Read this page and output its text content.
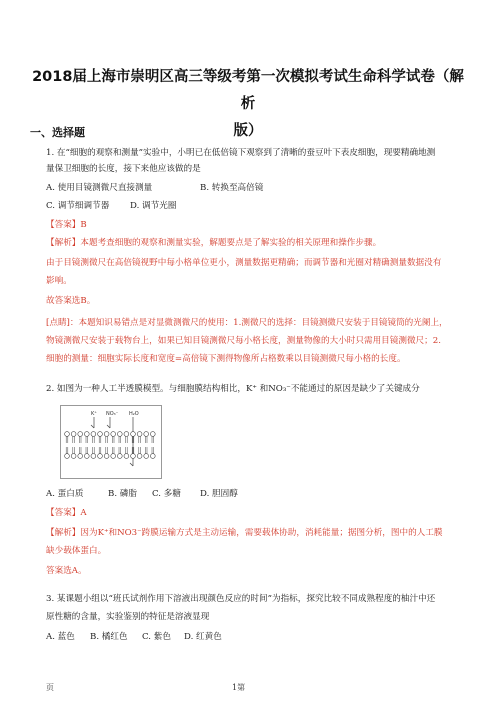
2018届上海市崇明区高三等级考第一次模拟考试生命科学试卷（解析
版）
一、选择题
1. 在“细胞的观察和测量”实验中，小明已在低倍镜下观察到了清晰的蚕豆叶下表皮细胞，现要精确地测
量保卫细胞的长度，接下来他应该做的是
A. 使用目镜测微尺直接测量	B. 转换至高倍镜
C. 调节细调节器 D. 调节光圈
【答案】B
【解析】本题考查细胞的观察和测量实验，解题要点是了解实验的相关原理和操作步骤。
由于目镜测微尺在高倍镜视野中每小格单位更小，测量数据更精确；而调节器和光圈对精确测量数据没有
影响。
故答案选B。
[点睛]：本题知识易错点是对显微测微尺的使用：1.测微尺的选择：目镜测微尺安装于目镜镜筒的光阑上，
物镜测微尺安装于载物台上，如果已知目镜测微尺每小格长度，测量物像的大小时只需用目镜测微尺；2.
细胞的测量：细胞实际长度和宽度=高倍镜下测得物像所占格数乘以目镜测微尺每小格的长度。
2. 如图为一种人工半透膜模型。与细胞膜结构相比，K⁺ 和NO₃⁻不能通过的原因是缺少了关键成分
K⁺ NO₃⁻ H₂O
A. 蛋白质	B. 磷脂 C. 多糖 D. 胆固醇
【答案】A
【解析】因为K⁺和NO3⁻跨膜运输方式是主动运输，需要载体协助，消耗能量；据图分析，图中的人工膜
缺少载体蛋白。
答案选A。
3. 某课题小组以“班氏试剂作用下溶液出现颜色反应的时间”为指标，探究比较不同成熟程度的柚汁中还
原性糖的含量，实验鉴别的特征是溶液显现
A. 蓝色 B. 橘红色 C. 紫色 D. 红黄色
页	1第
